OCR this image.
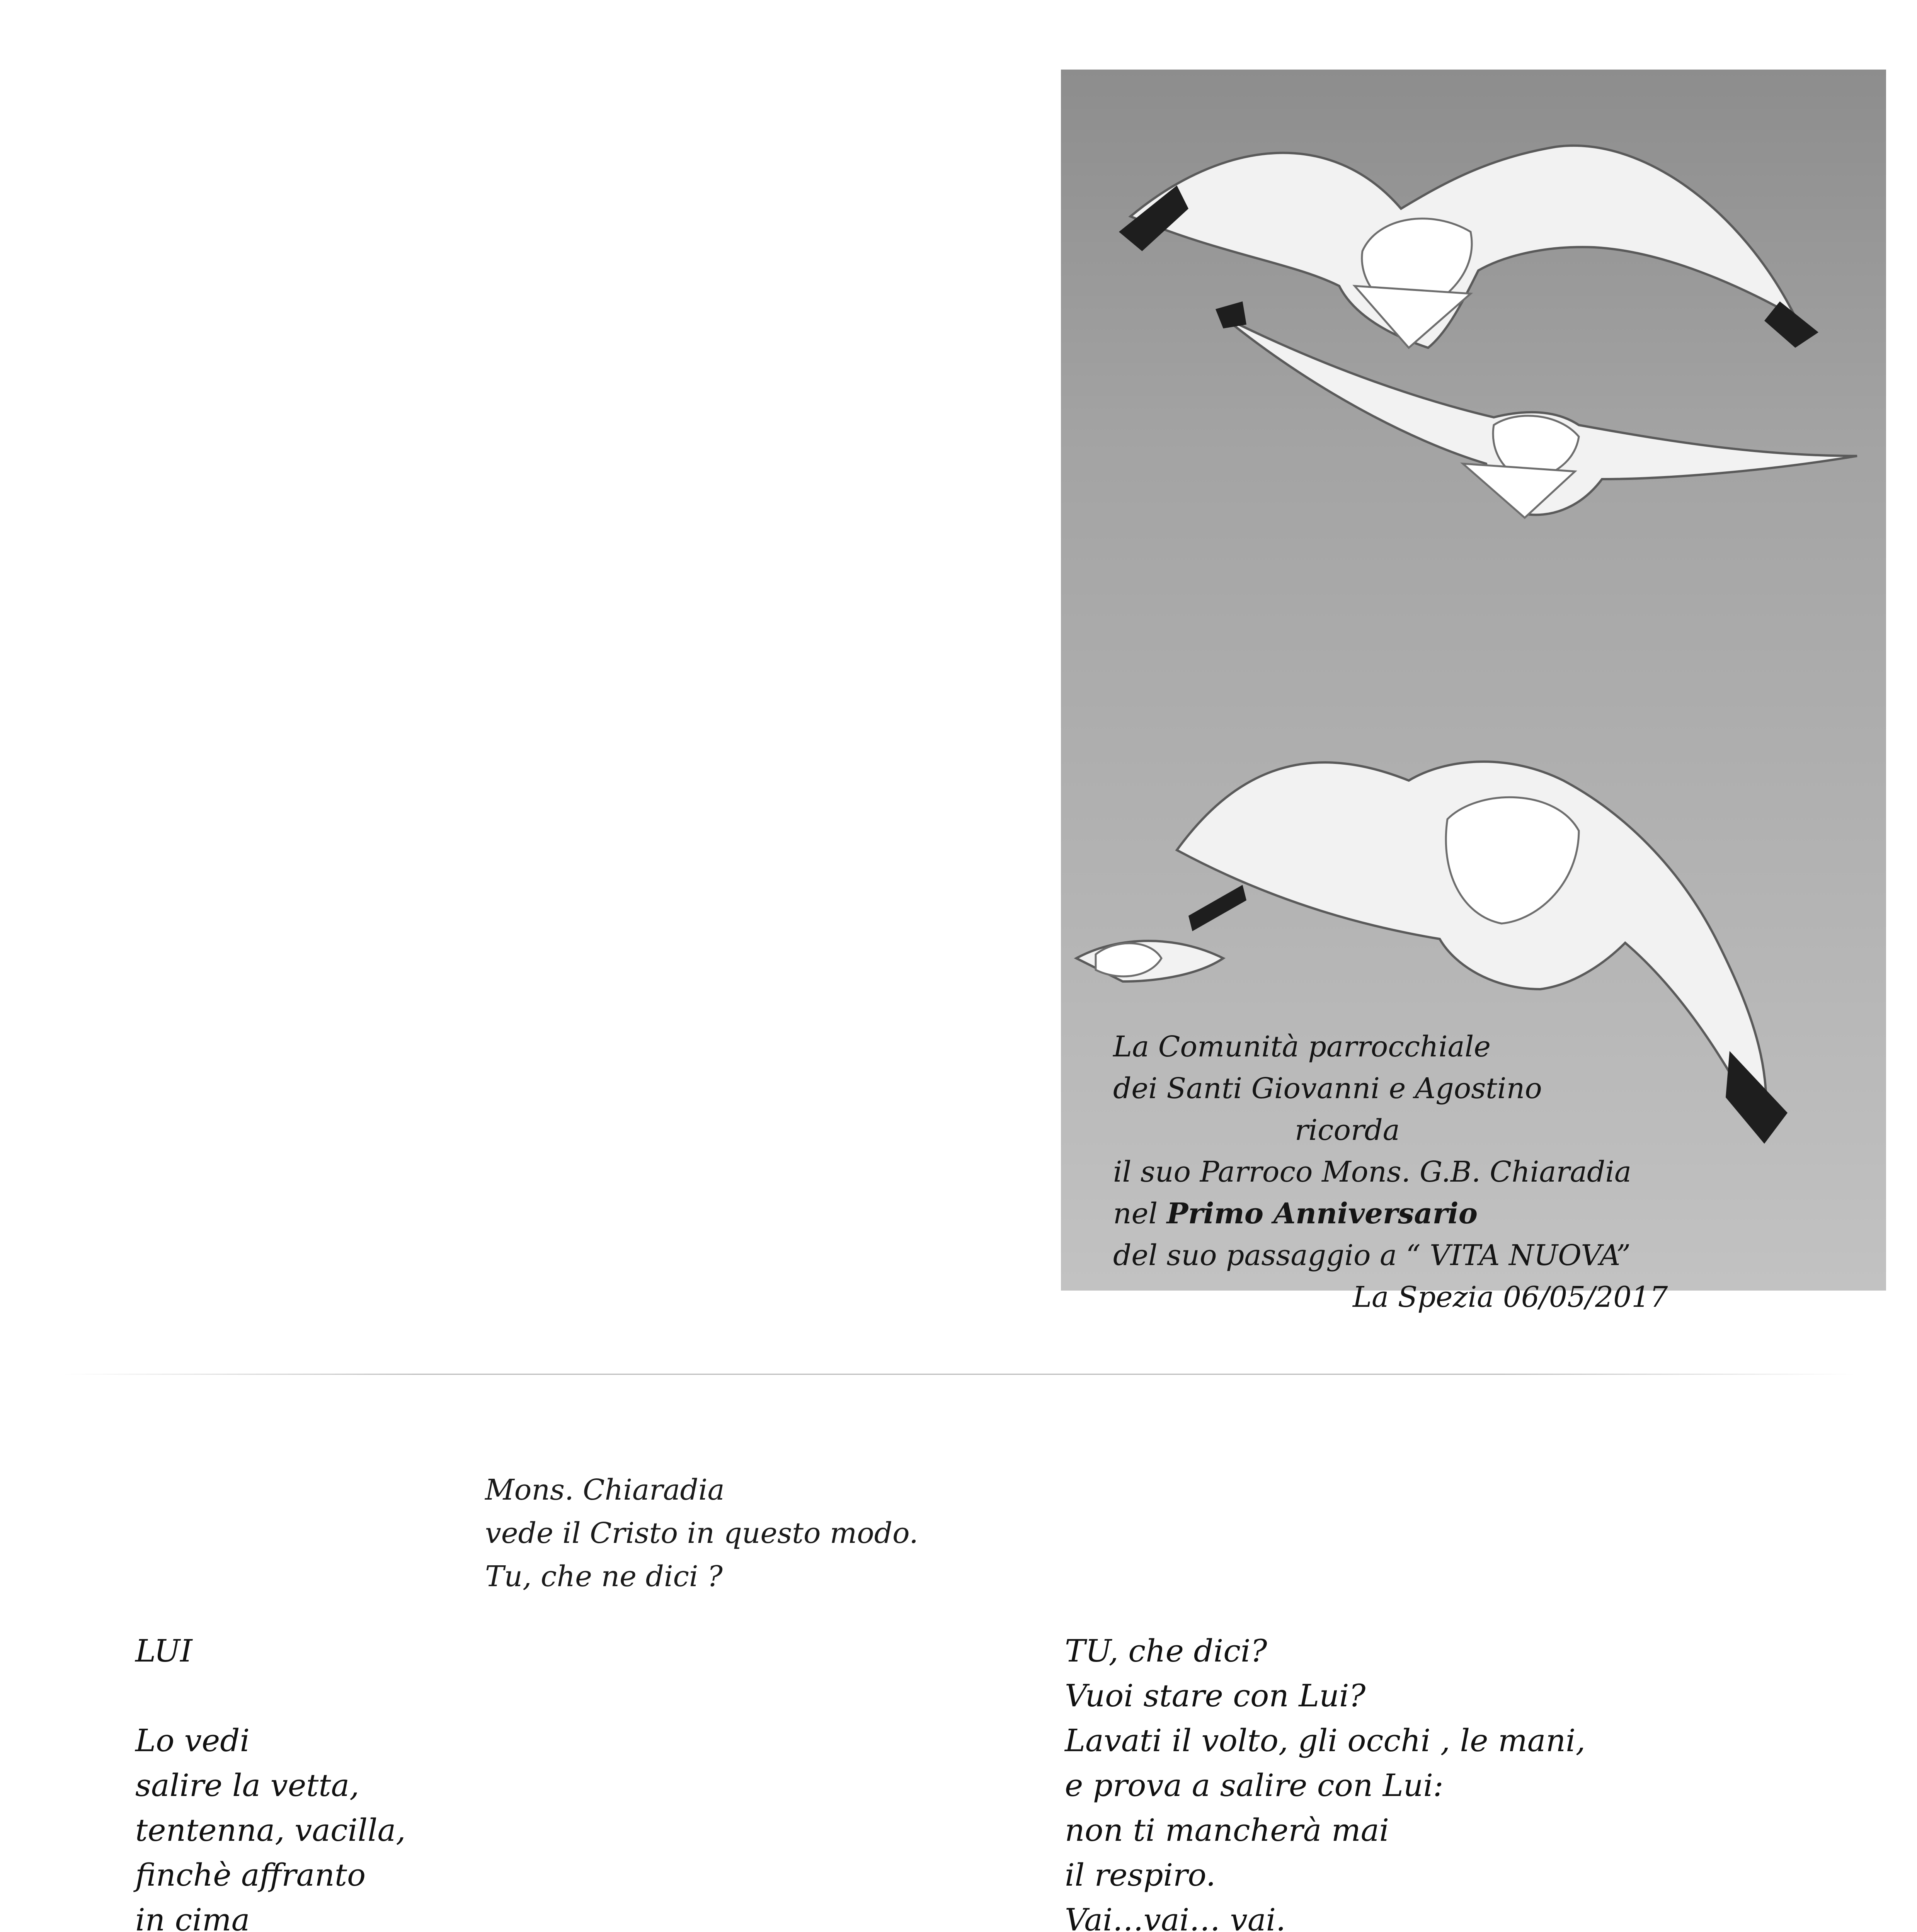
La Comunità parrocchiale
dei Santi Giovanni e Agostino
ricorda
il suo Parroco Mons. G.B. Chiaradia
nel Primo Anniversario
del suo passaggio a “ VITA NUOVA”
La Spezia 06/05/2017
Mons. Chiaradia
vede il Cristo in questo modo.
Tu, che ne dici ?
LUI
Lo vedi
salire la vetta,
tentenna, vacilla,
finchè affranto
in cima
TU, che dici?
Vuoi stare con Lui?
Lavati il volto, gli occhi , le mani,
e prova a salire con Lui:
non ti mancherà mai
il respiro.
Vai…vai… vai.
